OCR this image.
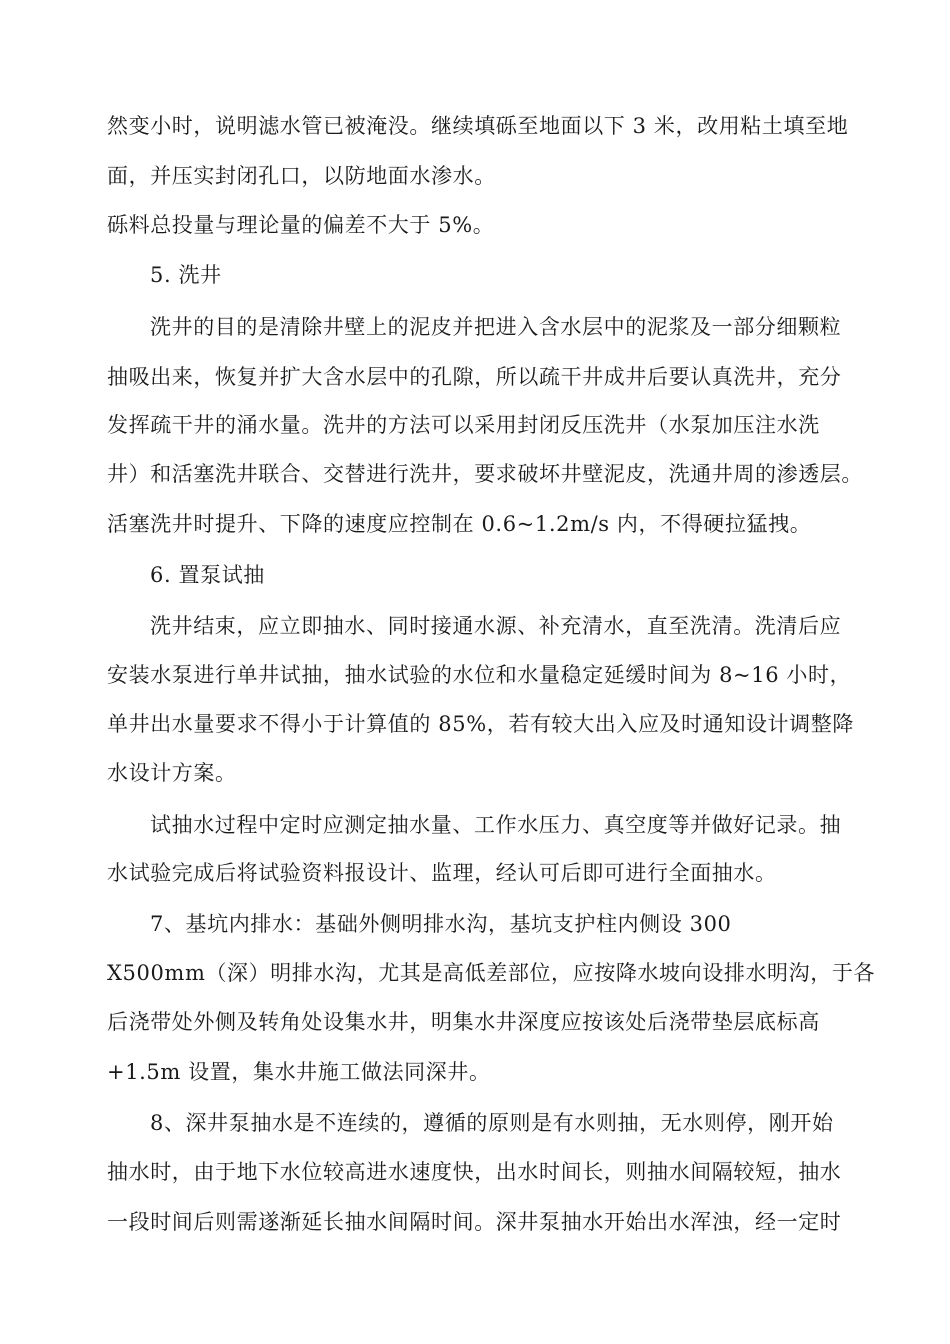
然变小时，说明滤水管已被淹没。继续填砾至地面以下 3 米，改用粘土填至地
面，并压实封闭孔口，以防地面水渗水。
砾料总投量与理论量的偏差不大于 5%。
5. 洗井
洗井的目的是清除井壁上的泥皮并把进入含水层中的泥浆及一部分细颗粒
抽吸出来，恢复并扩大含水层中的孔隙，所以疏干井成井后要认真洗井，充分
发挥疏干井的涌水量。洗井的方法可以采用封闭反压洗井（水泵加压注水洗
井）和活塞洗井联合、交替进行洗井，要求破坏井壁泥皮，洗通井周的渗透层。
活塞洗井时提升、下降的速度应控制在 0.6~1.2m/s 内，不得硬拉猛拽。
6. 置泵试抽
洗井结束，应立即抽水、同时接通水源、补充清水，直至洗清。洗清后应
安装水泵进行单井试抽，抽水试验的水位和水量稳定延缓时间为 8~16 小时，
单井出水量要求不得小于计算值的 85%，若有较大出入应及时通知设计调整降
水设计方案。
试抽水过程中定时应测定抽水量、工作水压力、真空度等并做好记录。抽
水试验完成后将试验资料报设计、监理，经认可后即可进行全面抽水。
7、基坑内排水：基础外侧明排水沟，基坑支护柱内侧设 300
X500mm（深）明排水沟，尤其是高低差部位，应按降水坡向设排水明沟，于各
后浇带处外侧及转角处设集水井，明集水井深度应按该处后浇带垫层底标高
+1.5m 设置，集水井施工做法同深井。
8、深井泵抽水是不连续的，遵循的原则是有水则抽，无水则停，刚开始
抽水时，由于地下水位较高进水速度快，出水时间长，则抽水间隔较短，抽水
一段时间后则需遂渐延长抽水间隔时间。深井泵抽水开始出水浑浊，经一定时
